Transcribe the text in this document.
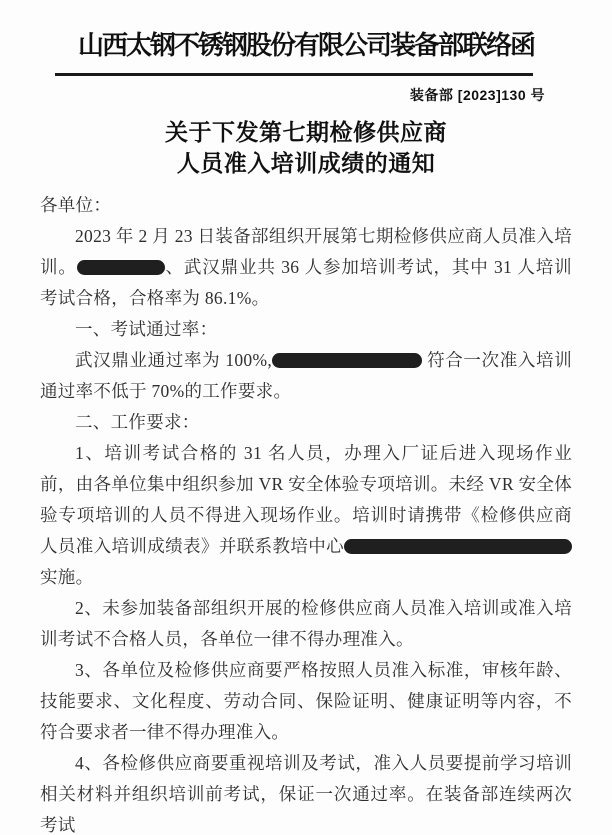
山西太钢不锈钢股份有限公司装备部联络函
装备部 [2023]130 号
关于下发第七期检修供应商
人员准入培训成绩的通知

各单位：

2023 年 2 月 23 日装备部组织开展第七期检修供应商人员准入培训。	、武汉鼎业共 36 人参加培训考试，其中 31 人培训考试合格，合格率为 86.1%。

一、考试通过率：

武汉鼎业通过率为 100%,	符合一次准入培训通过率不低于 70%的工作要求。

二、工作要求：

1、培训考试合格的 31 名人员，办理入厂证后进入现场作业前，由各单位集中组织参加 VR 安全体验专项培训。未经 VR 安全体验专项培训的人员不得进入现场作业。培训时请携带《检修供应商人员准入培训成绩表》并联系教培中心实施。

2、未参加装备部组织开展的检修供应商人员准入培训或准入培训考试不合格人员，各单位一律不得办理准入。

3、各单位及检修供应商要严格按照人员准入标准，审核年龄、技能要求、文化程度、劳动合同、保险证明、健康证明等内容，不符合要求者一律不得办理准入。

4、各检修供应商要重视培训及考试，准入人员要提前学习培训相关材料并组织培训前考试，保证一次通过率。在装备部连续两次考试
